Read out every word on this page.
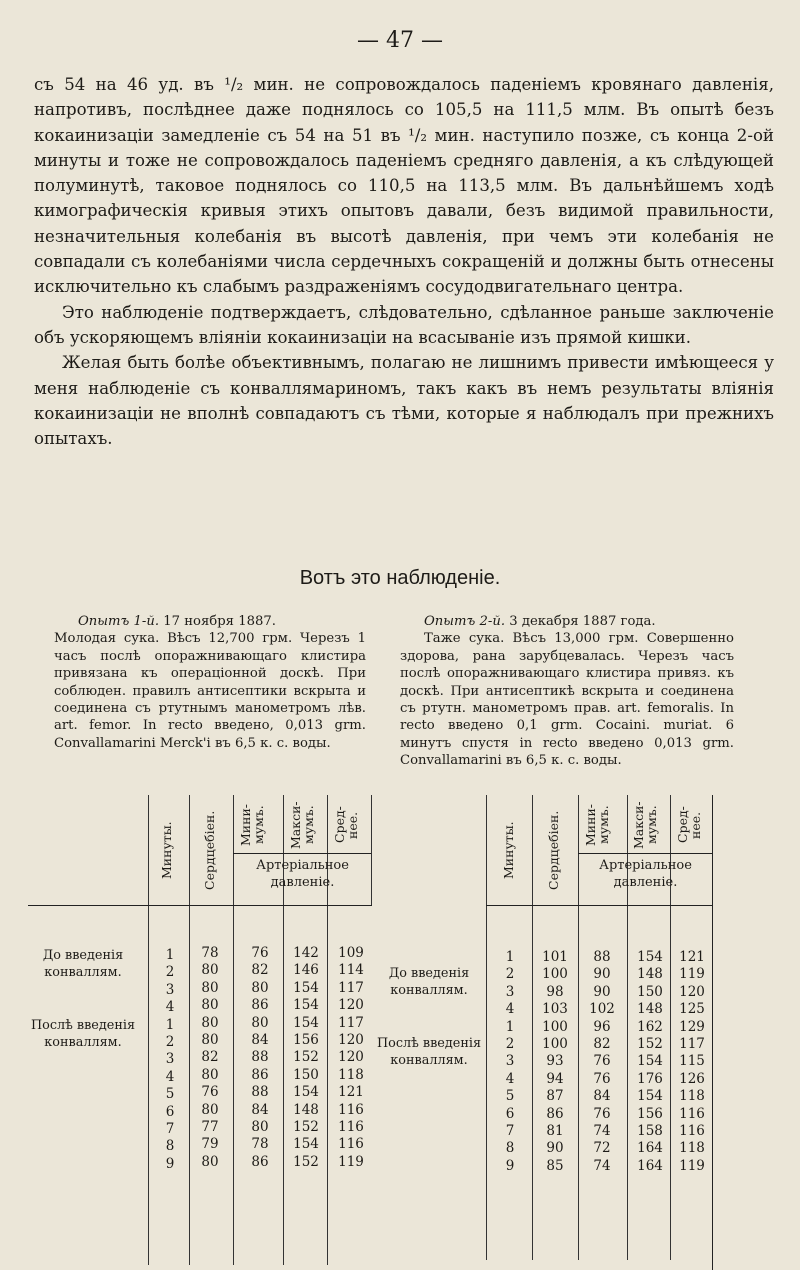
— 47 —

съ 54 на 46 уд. въ ¹/₂ мин. не сопровождалось паденіемъ кровянаго давленія, напротивъ, послѣднее даже поднялось со 105,5 на 111,5 млм. Въ опытѣ безъ кокаинизаціи замедленіе съ 54 на 51 въ ¹/₂ мин. наступило позже, съ конца 2-ой минуты и тоже не сопровождалось паденіемъ средняго давленія, а къ слѣдующей полуминутѣ, таковое поднялось со 110,5 на 113,5 млм. Въ дальнѣйшемъ ходѣ кимографическія кривыя этихъ опытовъ давали, безъ видимой правильности, незначительныя колебанія въ высотѣ давленія, при чемъ эти колебанія не совпадали съ колебаніями числа сердечныхъ сокращеній и должны быть отнесены исключительно къ слабымъ раздраженіямъ сосудодвигательнаго центра.

Это наблюденіе подтверждаетъ, слѣдовательно, сдѣланное раньше заключеніе объ ускоряющемъ вліяніи кокаинизаціи на всасываніе изъ прямой кишки.

Желая быть болѣе объективнымъ, полагаю не лишнимъ привести имѣющееся у меня наблюденіе съ конваллямариномъ, такъ какъ въ немъ результаты вліянія кокаинизаціи не вполнѣ совпадаютъ съ тѣми, которые я наблюдалъ при прежнихъ опытахъ.

Вотъ это наблюденіе.

Опытъ 1-й. 17 ноября 1887.

Молодая сука. Вѣсъ 12,700 грм. Черезъ 1 часъ послѣ опоражнивающаго клистира привязана къ операціонной доскѣ. При соблюден. правилъ антисептики вскрыта и соединена съ ртутнымъ манометромъ лѣв. art. femor. In recto введено, 0,013 grm. Convallamarini Merck'i въ 6,5 к. с. воды.

Опытъ 2-й. 3 декабря 1887 года.

Таже сука. Вѣсъ 13,000 грм. Совершенно здорова, рана зарубцевалась. Черезъ часъ послѣ опоражнивающаго клистира привяз. къ доскѣ. При антисептикѣ вскрыта и соединена съ ртутн. манометромъ прав. art. femoralis. In recto введено 0,1 grm. Cocaini. muriat. 6 минутъ спустя in recto введено 0,013 grm. Convallamarini въ 6,5 к. с. воды.

Минуты. Сердцебіен. Мини-мумъ. Макси-мумъ. Сред-нее.
Артеріальное давленіе.
До введенія конваллям.
Послѣ введенія конваллям.
1
2
3
4
1
2
3
4
5
6
7
8
9
78
80
80
80
80
80
82
80
76
80
77
79
80
76
82
80
86
80
84
88
86
88
84
80
78
86
142
146
154
154
154
156
152
150
154
148
152
154
152
109
114
117
120
117
120
120
118
121
116
116
116
119
Минуты. Сердцебіен. Мини-мумъ. Макси-мумъ. Сред-нее.
Артеріальное давленіе.
До введенія конваллям.
Послѣ введенія конваллям.
1
2
3
4
1
2
3
4
5
6
7
8
9
101
100
98
103
100
100
93
94
87
86
81
90
85
88
90
90
102
96
82
76
76
84
76
74
72
74
154
148
150
148
162
152
154
176
154
156
158
164
164
121
119
120
125
129
117
115
126
118
116
116
118
119
